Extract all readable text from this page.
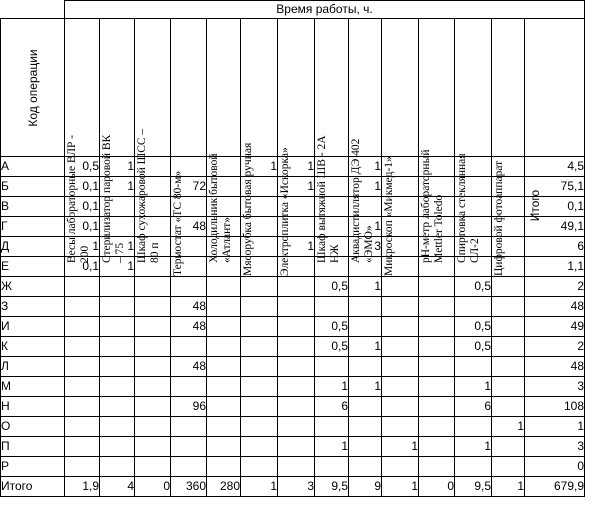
	Время работы, ч.													

Код операции	Весы лабораторные ВЛР - 200	Стерилизатор паровой ВК – 75	Шкаф сухожаровой ШСС – 80 п	Термостат «ТС 80-м»	Холодильник бытовой «Атлант»	Мясорубка бытовая ручная	Электроплитка «Искорка»	Шкаф вытяжной ШВ - 2А НЖ	Аквадистиллятор ДЭ 402 «ЭМО»	Микроскоп «Микмед-1»	pH-метр лабораторный Mettler Toledo	Спиртовка стеклянная СЛ-2	Цифровой фотоаппарат	Итого

А	0,5	1				1	1		1					4,5
Б	0,1	1		72			1		1					75,1
В	0,1													0,1
Г	0,1			48					1					49,1
Д	1	1					1		3					6
Е	0,1	1												1,1
Ж								0,5	1			0,5		2
З				48										48
И				48				0,5				0,5		49
К								0,5	1			0,5		2
Л				48										48
М								1	1			1		3
Н				96				6				6		108
О													1	1
П								1		1		1		3
Р														0
Итого	1,9	4	0	360	280	1	3	9,5	9	1	0	9,5	1	679,9
